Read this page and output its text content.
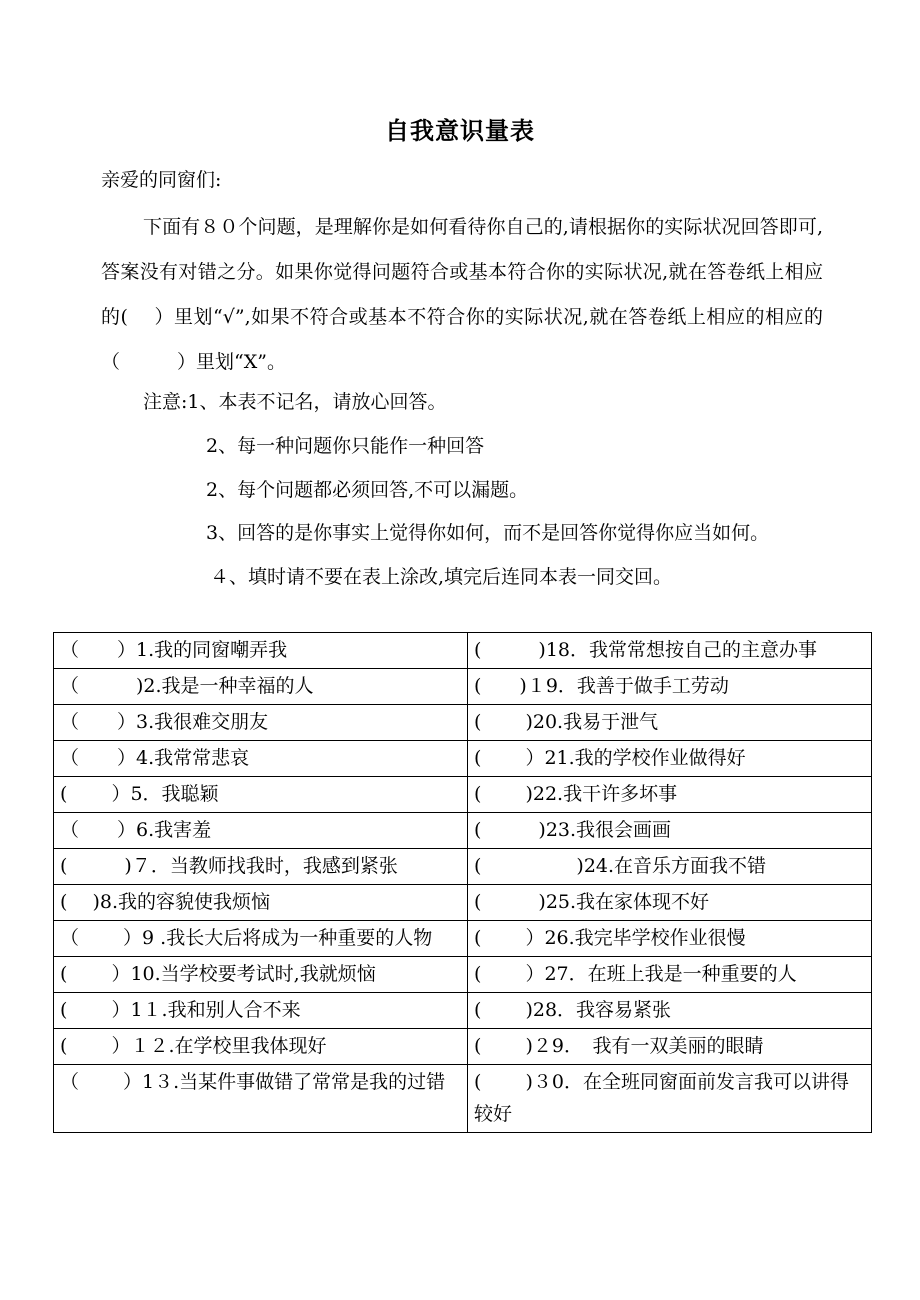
自我意识量表
亲爱的同窗们:
下面有８０个问题，是理解你是如何看待你自己的,请根据你的实际状况回答即可,答案没有对错之分。如果你觉得问题符合或基本符合你的实际状况,就在答卷纸上相应的(　 ）里划“√”,如果不符合或基本不符合你的实际状况,就在答卷纸上相应的相应的（　　　）里划“X”。
注意:1、本表不记名，请放心回答。
2、每一种问题你只能作一种回答
2、每个问题都必须回答,不可以漏题。
3、回答的是你事实上觉得你如何，而不是回答你觉得你应当如何。
４、填时请不要在表上涂改,填完后连同本表一同交回。
（　　）1.我的同窗嘲弄我	(　　　)18．我常常想按自己的主意办事
（　　　)2.我是一种幸福的人	(　　)１9．我善于做手工劳动
（　　）3.我很难交朋友	(　　 )20.我易于泄气
（　　）4.我常常悲哀	(　　 ）21.我的学校作业做得好
(　　 ）5．我聪颖	(　　 )22.我干许多坏事
（　　）6.我害羞	(　　　)23.我很会画画
(　　　)７．当教师找我时，我感到紧张	(　　　　　)24.在音乐方面我不错
(　 )8.我的容貌使我烦恼	(　　　)25.我在家体现不好
（　　 ）9 .我长大后将成为一种重要的人物	(　　 ）26.我完毕学校作业很慢
(　　 ）10.当学校要考试时,我就烦恼	(　　 ）27．在班上我是一种重要的人
(　　 ）1１.我和别人合不来	(　　 )28．我容易紧张
(　　 ）１２.在学校里我体现好	(　　 )２9．　我有一双美丽的眼睛
（　　 ）1３.当某件事做错了常常是我的过错	(　　 )３0．在全班同窗面前发言我可以讲得较好
